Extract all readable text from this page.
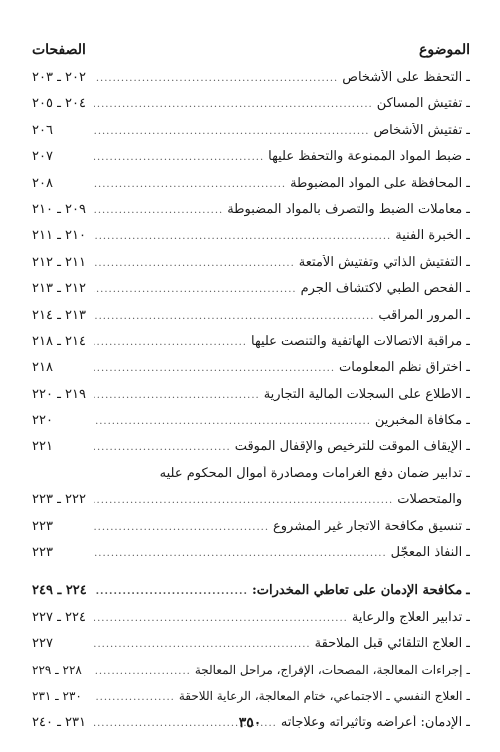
الموضوع
الصفحات
ـ
التحفظ على الأشخاص
.....
٢٠٢ ـ ٢٠٣
ـ
تفتيش المساكن
.....
٢٠٤ ـ ٢٠٥
ـ
تفتيش الأشخاص
.....
٢٠٦
ـ
ضبط المواد الممنوعة والتحفظ عليها
.....
٢٠٧
ـ
المحافظة على المواد المضبوطة
.....
٢٠٨
ـ
معاملات الضبط والتصرف بالمواد المضبوطة
.....
٢٠٩ ـ ٢١٠
ـ
الخبرة الفنية
.....
٢١٠ ـ ٢١١
ـ
التفتيش الذاتي وتفتيش الأمتعة
.....
٢١١ ـ ٢١٢
ـ
الفحص الطبي لاكتشاف الجرم
.....
٢١٢ ـ ٢١٣
ـ
المرور المراقب
.....
٢١٣ ـ ٢١٤
ـ
مراقبة الاتصالات الهاتفية والتنصت عليها
.....
٢١٤ ـ ٢١٨
ـ
اختراق نظم المعلومات
.....
٢١٨
ـ
الاطلاع على السجلات المالية التجارية
.....
٢١٩ ـ ٢٢٠
ـ
مكافأة المخبرين
.....
٢٢٠
ـ
الإيقاف الموقت للترخيص والإقفال الموقت
.....
٢٢١
ـ
تدابير ضمان دفع الغرامات ومصادرة أموال المحكوم عليه
والمتحصلات
.....
٢٢٢ ـ ٢٢٣
ـ
تنسيق مكافحة الاتجار غير المشروع
.....
٢٢٣
ـ
النفاذ المعجّل
.....
٢٢٣
ـ
مكافحة الإدمان على تعاطي المخدرات:
.....
٢٢٤ ـ ٢٤٩
ـ
تدابير العلاج والرعاية
.....
٢٢٤ ـ ٢٢٧
ـ
العلاج التلقائي قبل الملاحقة
.....
٢٢٧
ـ
إجراءات المعالجة، المصحات، الإفراج، مراحل المعالجة
.....
٢٢٨ ـ ٢٢٩
ـ
العلاج النفسي ـ الاجتماعي، ختام المعالجة، الرعاية اللاحقة
.....
٢٣٠ ـ ٢٣١
ـ
الإدمان: أعراضه وتأثيراته وعلاجاته
.....
٢٣١ ـ ٢٤٠	٣٥٠
